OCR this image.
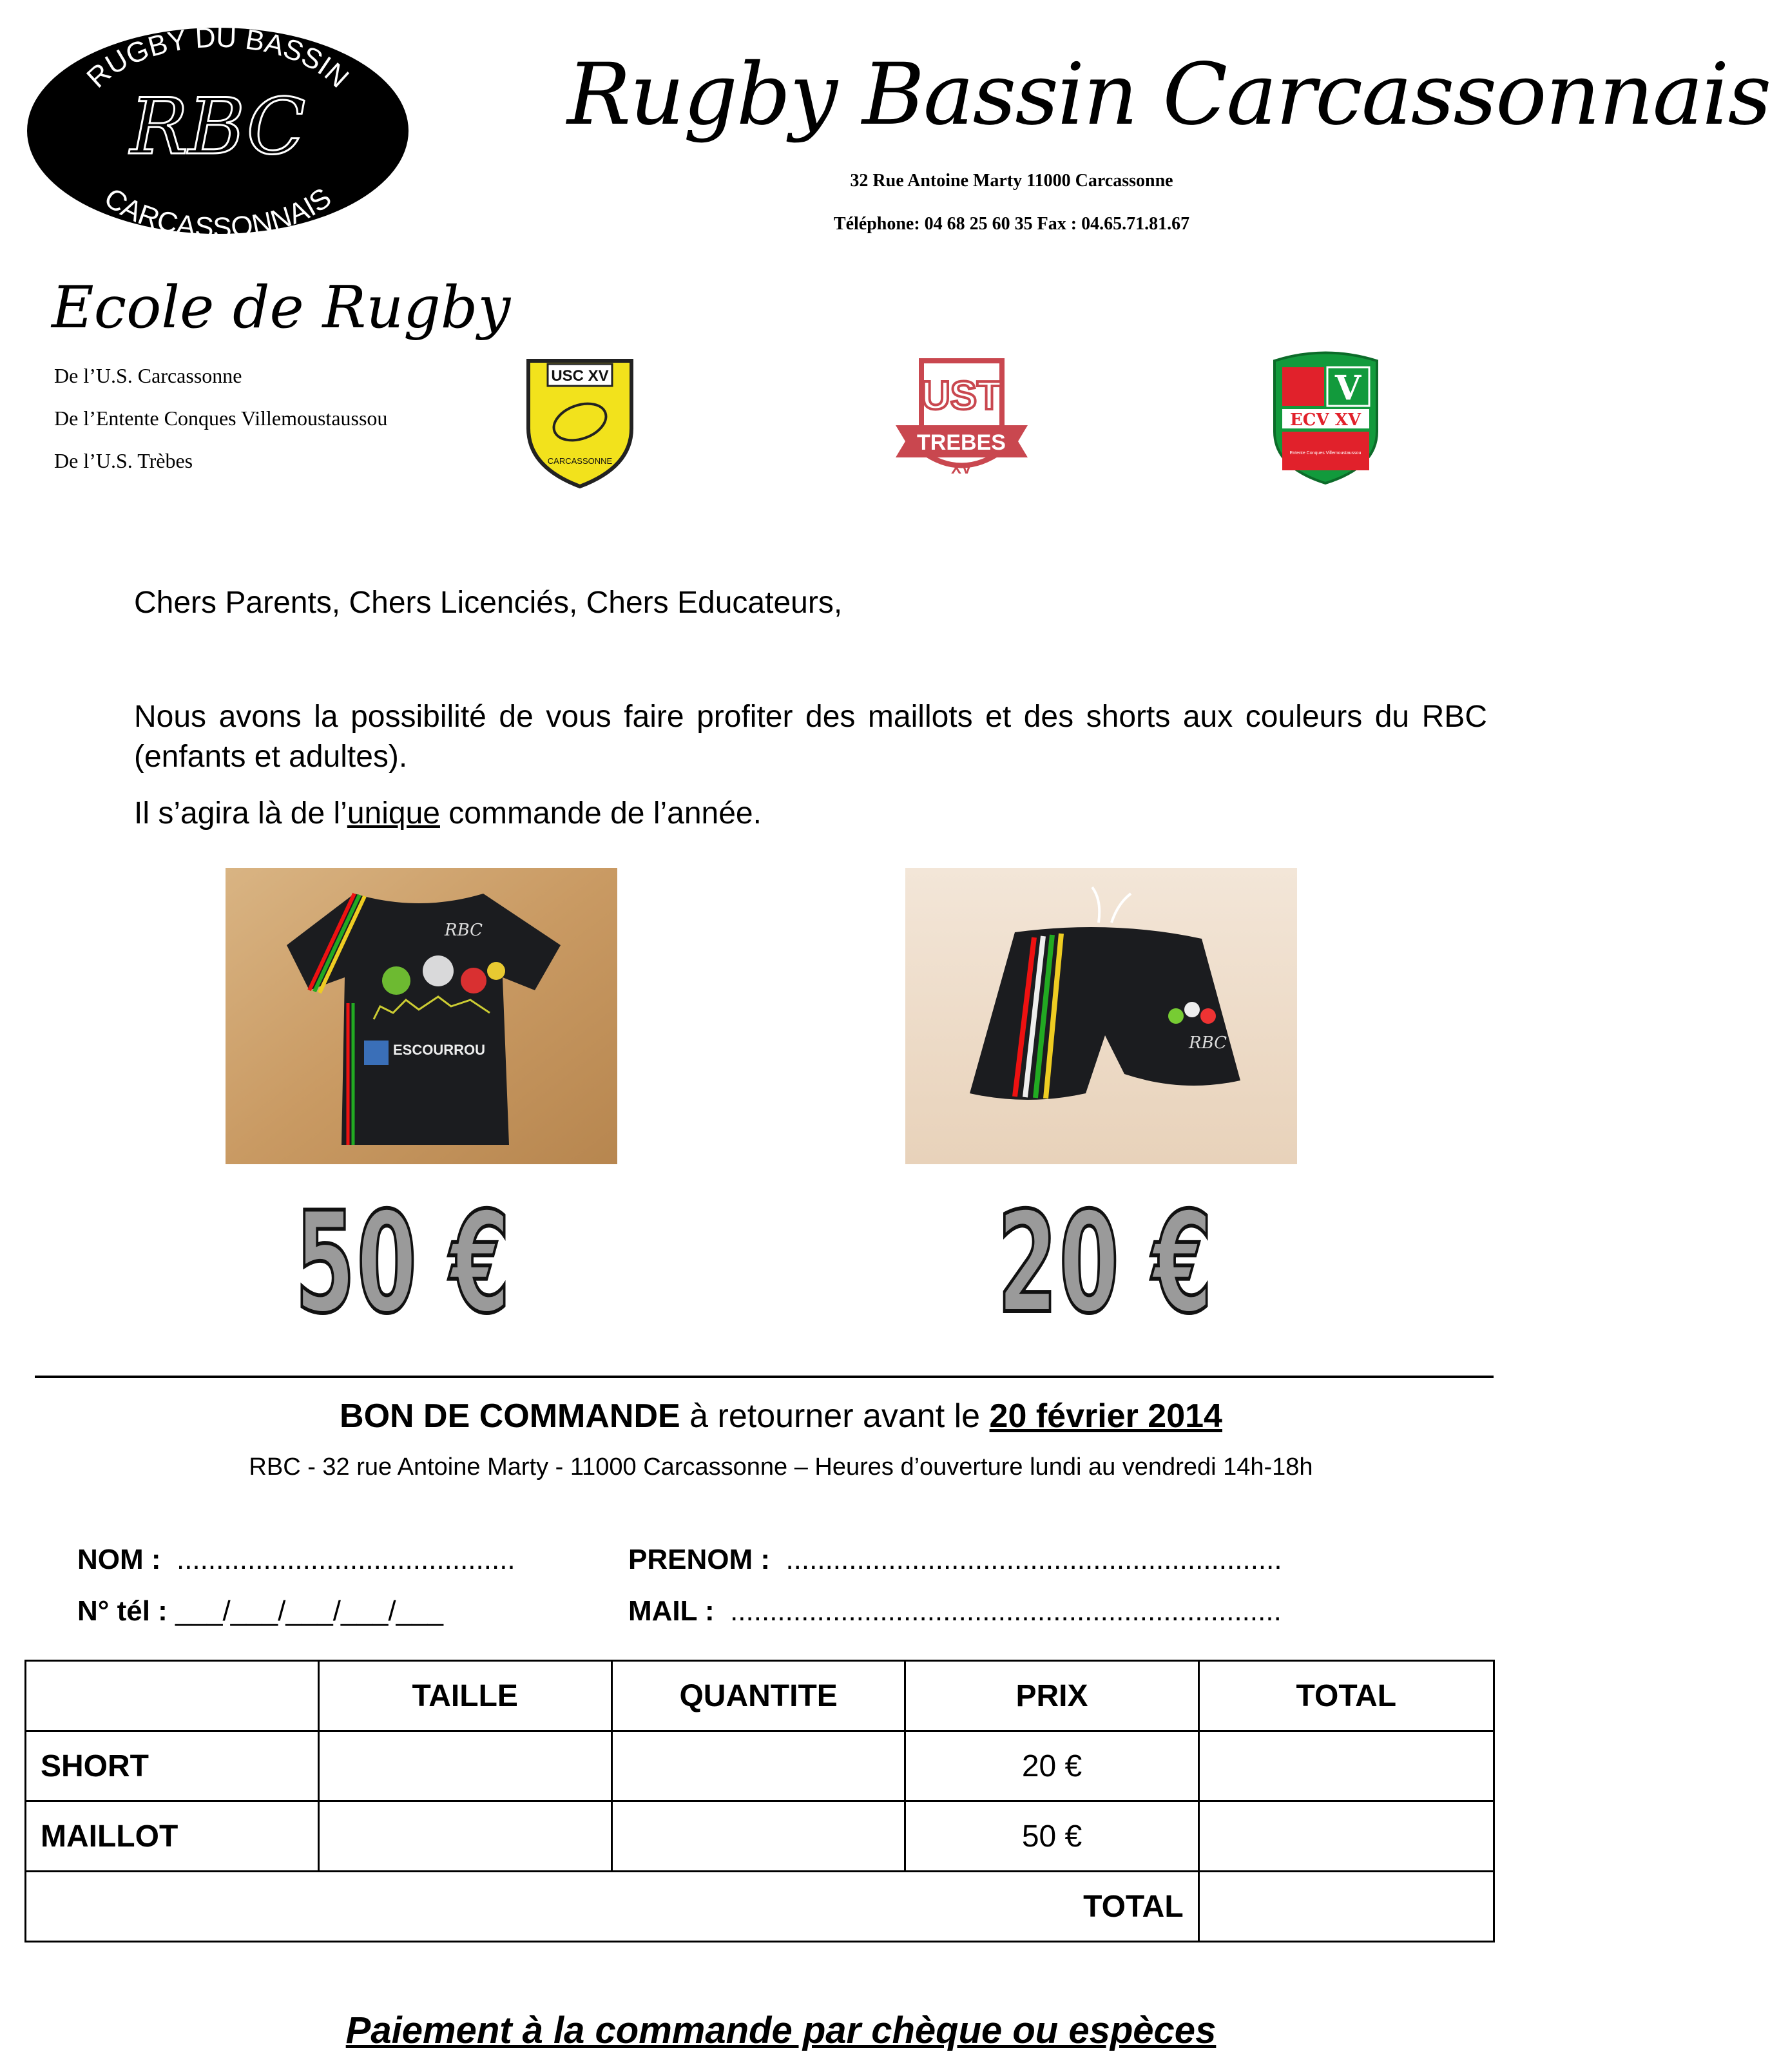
RUGBY DU BASSIN
CARCASSONNAIS
RBC	Rugby Bassin Carcassonnais
32 Rue Antoine Marty 11000 Carcassonne
Téléphone: 04 68 25 60 35 Fax : 04.65.71.81.67
Ecole de Rugby
De l’U.S. Carcassonne
De l’Entente Conques Villemoustaussou
De l’U.S. Trèbes
USC XV
CARCASSONNE
UST
TREBES
XV
V
ECV XV
Entente Conques Villemoustaussou
Chers Parents, Chers Licenciés, Chers Educateurs,
Nous avons la possibilité de vous faire profiter des maillots et des shorts aux couleurs du RBC (enfants et adultes).
Il s’agira là de l’unique commande de l’année.
RBC
ESCOURROU	RBC
50 €	20 €
BON DE COMMANDE à retourner avant le 20 février 2014
RBC - 32 rue Antoine Marty - 11000 Carcassonne – Heures d’ouverture lundi au vendredi 14h-18h
NOM : ...........................................	PRENOM : ...............................................................
N° tél : ___/___/___/___/___	MAIL : ......................................................................
	TAILLE	QUANTITE	PRIX	TOTAL
SHORT			20 €	
MAILLOT			50 €	
TOTAL				
Paiement à la commande par chèque ou espèces
